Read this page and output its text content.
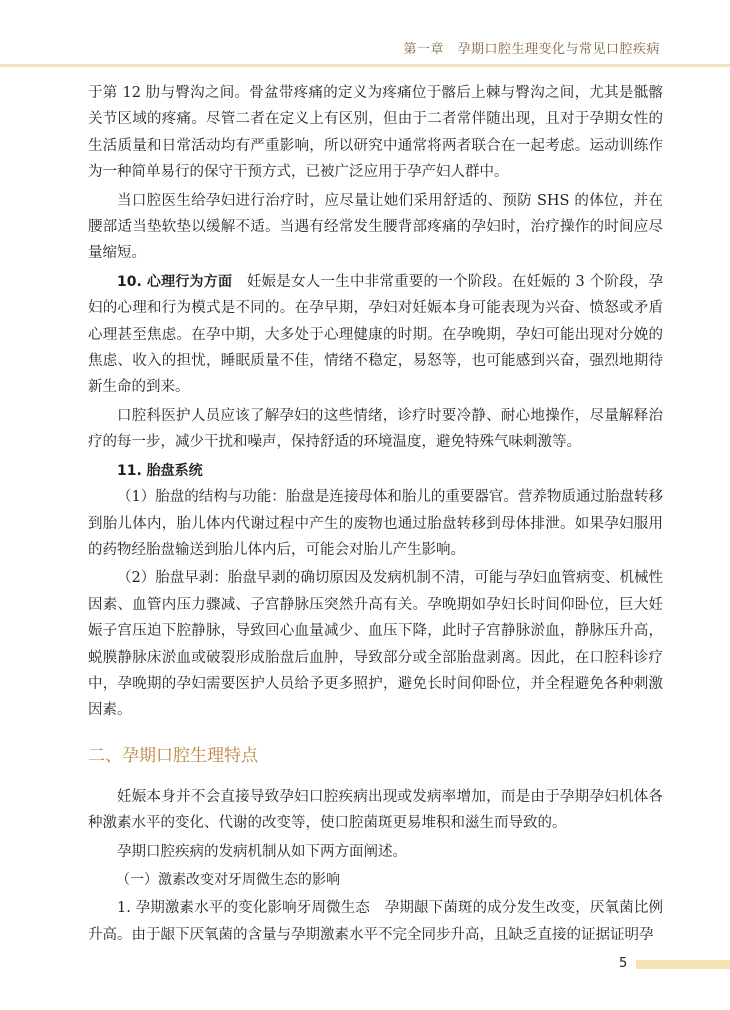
第一章　孕期口腔生理变化与常见口腔疾病

于第 12 肋与臀沟之间。骨盆带疼痛的定义为疼痛位于髂后上棘与臀沟之间，尤其是骶髂关节区域的疼痛。尽管二者在定义上有区别，但由于二者常伴随出现，且对于孕期女性的生活质量和日常活动均有严重影响，所以研究中通常将两者联合在一起考虑。运动训练作为一种简单易行的保守干预方式，已被广泛应用于孕产妇人群中。

当口腔医生给孕妇进行治疗时，应尽量让她们采用舒适的、预防 SHS 的体位，并在腰部适当垫软垫以缓解不适。当遇有经常发生腰背部疼痛的孕妇时，治疗操作的时间应尽量缩短。

10. 心理行为方面　 妊娠是女人一生中非常重要的一个阶段。在妊娠的 3 个阶段，孕妇的心理和行为模式是不同的。在孕早期，孕妇对妊娠本身可能表现为兴奋、愤怒或矛盾心理甚至焦虑。在孕中期，大多处于心理健康的时期。在孕晚期，孕妇可能出现对分娩的焦虑、收入的担忧，睡眠质量不佳，情绪不稳定，易怒等，也可能感到兴奋，强烈地期待新生命的到来。

口腔科医护人员应该了解孕妇的这些情绪，诊疗时要冷静、耐心地操作，尽量解释治疗的每一步，减少干扰和噪声，保持舒适的环境温度，避免特殊气味刺激等。

11. 胎盘系统

（1）胎盘的结构与功能：胎盘是连接母体和胎儿的重要器官。营养物质通过胎盘转移到胎儿体内，胎儿体内代谢过程中产生的废物也通过胎盘转移到母体排泄。如果孕妇服用的药物经胎盘输送到胎儿体内后，可能会对胎儿产生影响。

（2）胎盘早剥：胎盘早剥的确切原因及发病机制不清，可能与孕妇血管病变、机械性因素、血管内压力骤减、子宫静脉压突然升高有关。孕晚期如孕妇长时间仰卧位，巨大妊娠子宫压迫下腔静脉，导致回心血量减少、血压下降，此时子宫静脉淤血，静脉压升高，蜕膜静脉床淤血或破裂形成胎盘后血肿，导致部分或全部胎盘剥离。因此，在口腔科诊疗中，孕晚期的孕妇需要医护人员给予更多照护，避免长时间仰卧位，并全程避免各种刺激因素。

二、孕期口腔生理特点

妊娠本身并不会直接导致孕妇口腔疾病出现或发病率增加，而是由于孕期孕妇机体各种激素水平的变化、代谢的改变等，使口腔菌斑更易堆积和滋生而导致的。

孕期口腔疾病的发病机制从如下两方面阐述。

（一）激素改变对牙周微生态的影响

1. 孕期激素水平的变化影响牙周微生态　 孕期龈下菌斑的成分发生改变，厌氧菌比例升高。由于龈下厌氧菌的含量与孕期激素水平不完全同步升高，且缺乏直接的证据证明孕

5
